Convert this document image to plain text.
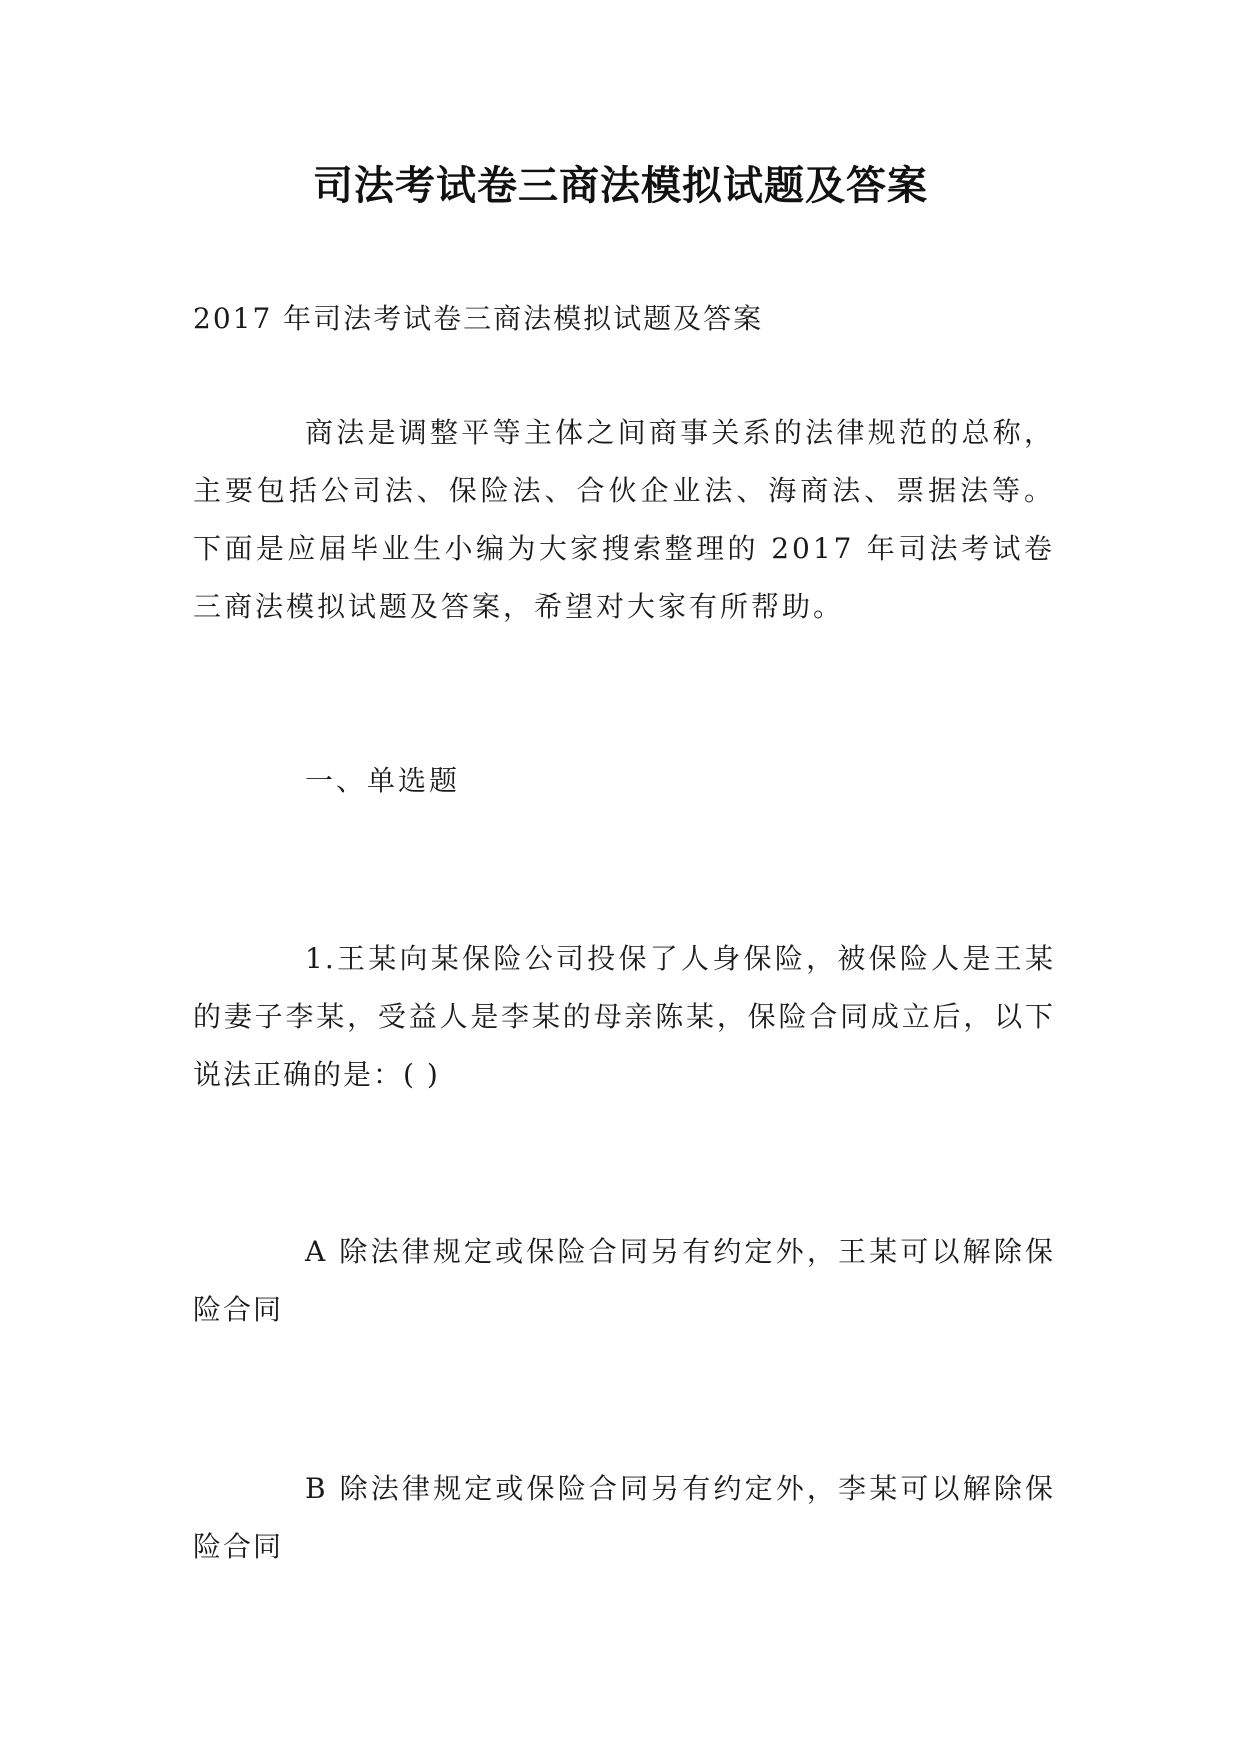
司法考试卷三商法模拟试题及答案
2017 年司法考试卷三商法模拟试题及答案
商法是调整平等主体之间商事关系的法律规范的总称，主要包括公司法、保险法、合伙企业法、海商法、票据法等。下面是应届毕业生小编为大家搜索整理的 2017 年司法考试卷三商法模拟试题及答案，希望对大家有所帮助。
一、单选题
1.王某向某保险公司投保了人身保险，被保险人是王某的妻子李某，受益人是李某的母亲陈某，保险合同成立后，以下说法正确的是：( )
A 除法律规定或保险合同另有约定外，王某可以解除保险合同
B 除法律规定或保险合同另有约定外，李某可以解除保险合同
